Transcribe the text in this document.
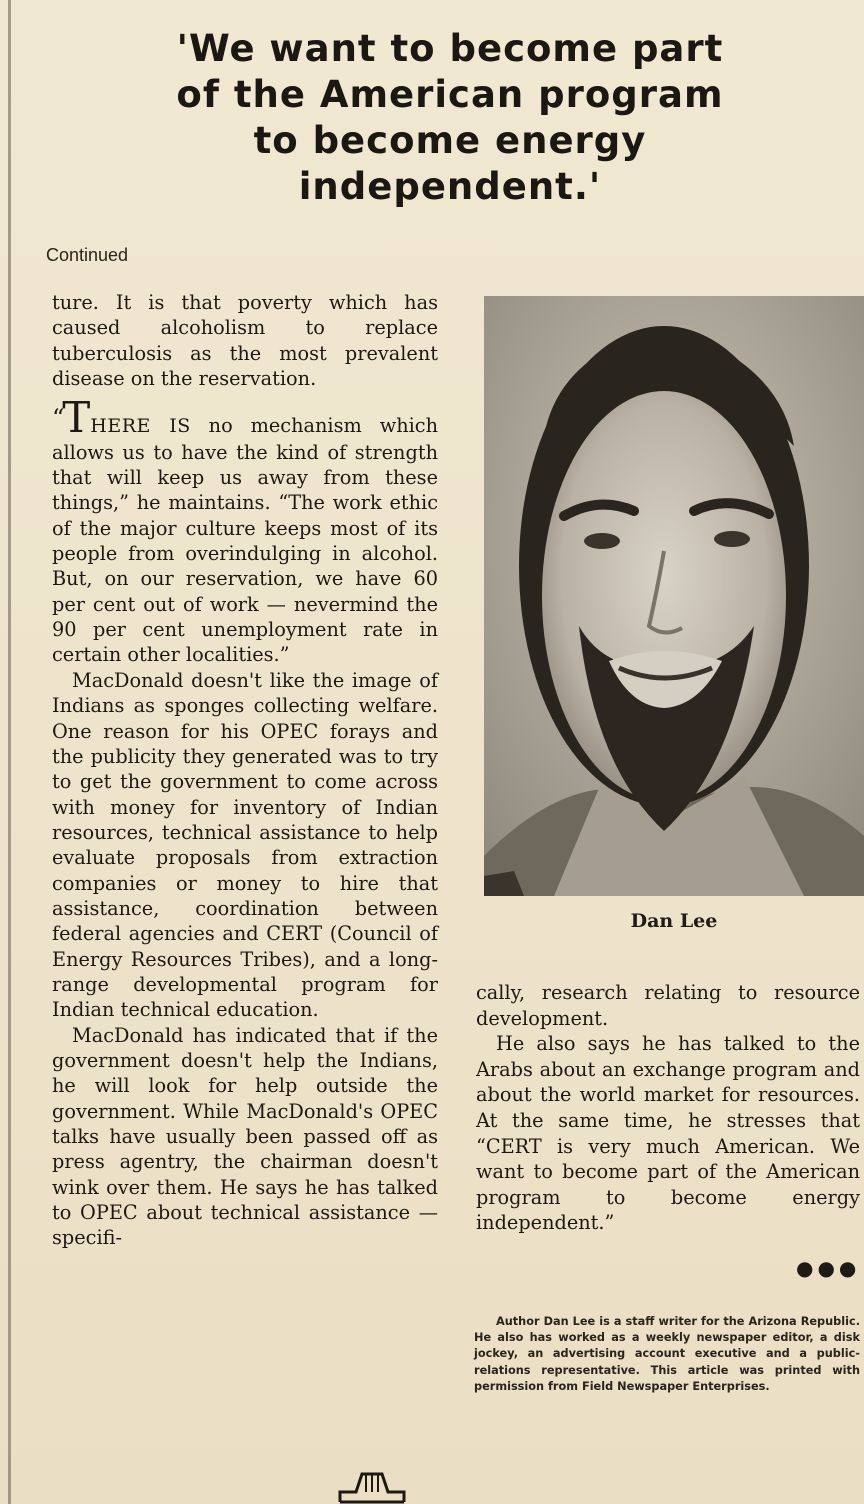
'We want to become part of the American program to become energy independent.'
Continued

ture. It is that poverty which has caused alcoholism to replace tuberculosis as the most prevalent disease on the reservation.

“THERE IS no mechanism which allows us to have the kind of strength that will keep us away from these things,” he maintains. “The work ethic of the major culture keeps most of its people from overindulging in alcohol. But, on our reservation, we have 60 per cent out of work — nevermind the 90 per cent unemployment rate in certain other localities.”

MacDonald doesn't like the image of Indians as sponges collecting welfare. One reason for his OPEC forays and the publicity they generated was to try to get the government to come across with money for inventory of Indian resources, technical assistance to help evaluate proposals from extraction companies or money to hire that assistance, coordination between federal agencies and CERT (Council of Energy Resources Tribes), and a long-range developmental program for Indian technical education.

MacDonald has indicated that if the government doesn't help the Indians, he will look for help outside the government. While MacDonald's OPEC talks have usually been passed off as press agentry, the chairman doesn't wink over them. He says he has talked to OPEC about technical assistance — specifi-

Dan Lee

cally, research relating to resource development.

He also says he has talked to the Arabs about an exchange program and about the world market for resources. At the same time, he stresses that “CERT is very much American. We want to become part of the American program to become energy independent.”

●●●

Author Dan Lee is a staff writer for the Arizona Republic. He also has worked as a weekly newspaper editor, a disk jockey, an advertising account executive and a public-relations representative. This article was printed with permission from Field Newspaper Enterprises.
